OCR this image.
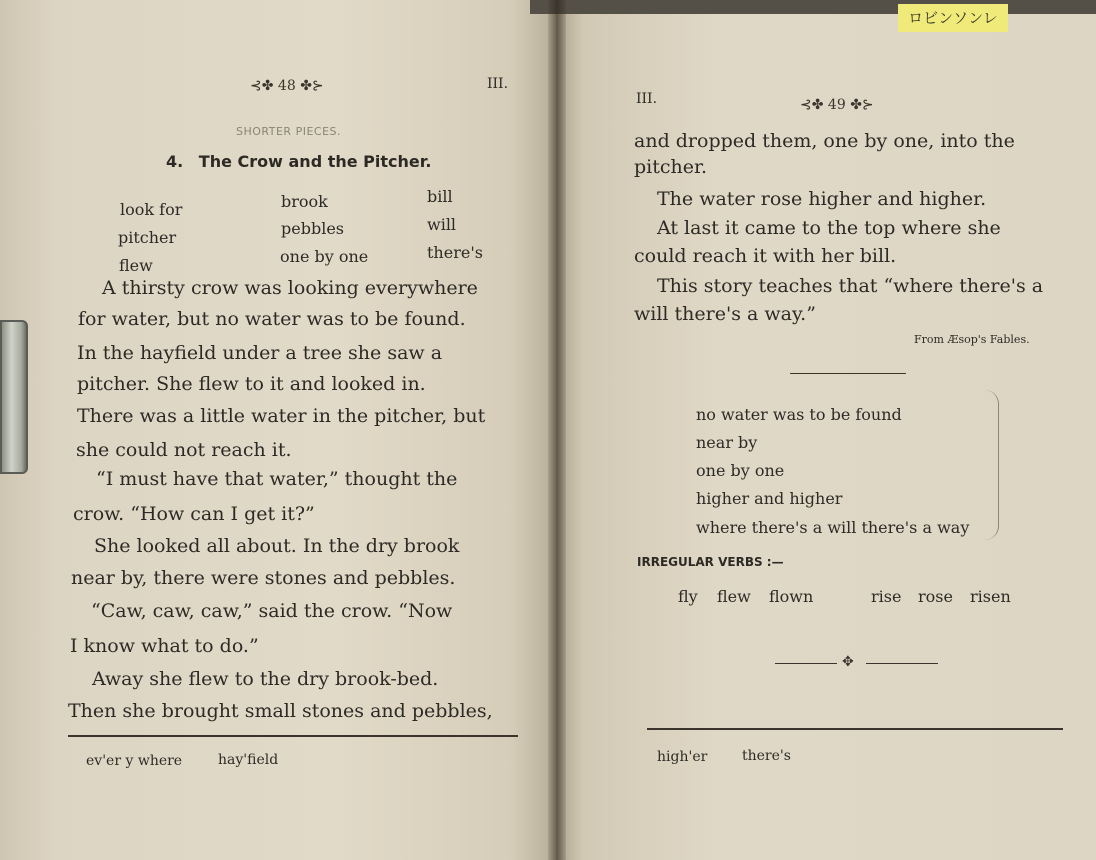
⊰✤ 48 ✤⊱	III.
SHORTER PIECES.
4. The Crow and the Pitcher.
look for	brook	bill
pitcher	pebbles	will
flew	one by one	there's
A thirsty crow was looking everywhere
for water, but no water was to be found.
In the hayfield under a tree she saw a
pitcher. She flew to it and looked in.
There was a little water in the pitcher, but
she could not reach it.
“I must have that water,” thought the
crow. “How can I get it?”
She looked all about. In the dry brook
near by, there were stones and pebbles.
“Caw, caw, caw,” said the crow. “Now
I know what to do.”
Away she flew to the dry brook-bed.
Then she brought small stones and pebbles,
ev'er y where	hay'field
ロビンソンレ
III.	⊰✤ 49 ✤⊱
and dropped them, one by one, into the
pitcher.
The water rose higher and higher.
At last it came to the top where she
could reach it with her bill.
This story teaches that “where there's a
will there's a way.”
From Æsop's Fables.
no water was to be found
near by
one by one
higher and higher
where there's a will there's a way
IRREGULAR VERBS :—
fly flew flown	rise rose risen
✥
high'er there's
